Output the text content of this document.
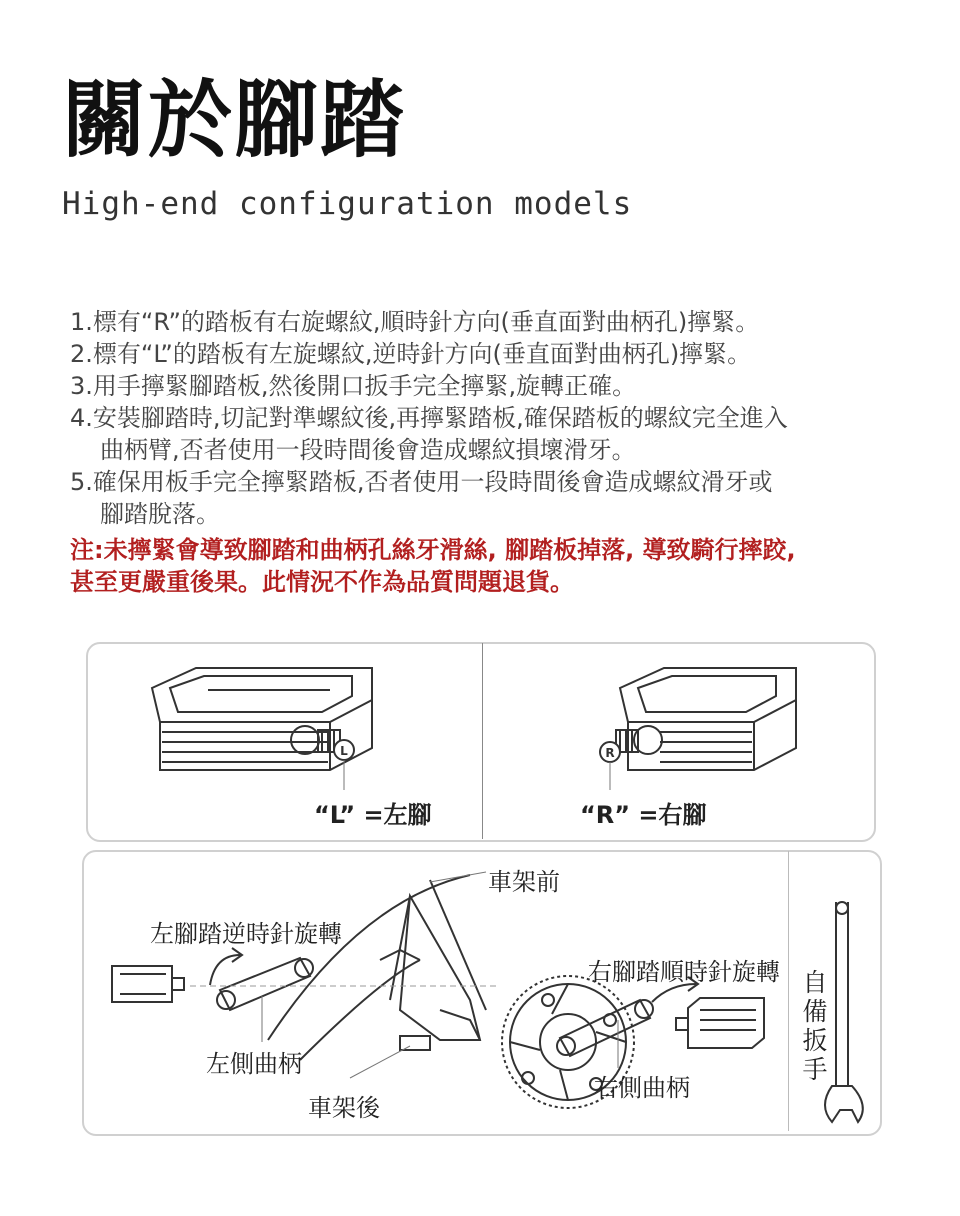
關於腳踏
High-end configuration models
1.標有“R”的踏板有右旋螺紋,順時針方向(垂直面對曲柄孔)擰緊。
2.標有“L”的踏板有左旋螺紋,逆時針方向(垂直面對曲柄孔)擰緊。
3.用手擰緊腳踏板,然後開口扳手完全擰緊,旋轉正確。
4.安裝腳踏時,切記對準螺紋後,再擰緊踏板,確保踏板的螺紋完全進入
曲柄臂,否者使用一段時間後會造成螺紋損壞滑牙。
5.確保用板手完全擰緊踏板,否者使用一段時間後會造成螺紋滑牙或
腳踏脫落。
注:未擰緊會導致腳踏和曲柄孔絲牙滑絲, 腳踏板掉落, 導致騎行摔跤,
甚至更嚴重後果。此情況不作為品質問題退貨。
L	R
“L” =左腳	“R” =右腳
車架前
左腳踏逆時針旋轉
右腳踏順時針旋轉
左側曲柄
右側曲柄
車架後
自備扳手
